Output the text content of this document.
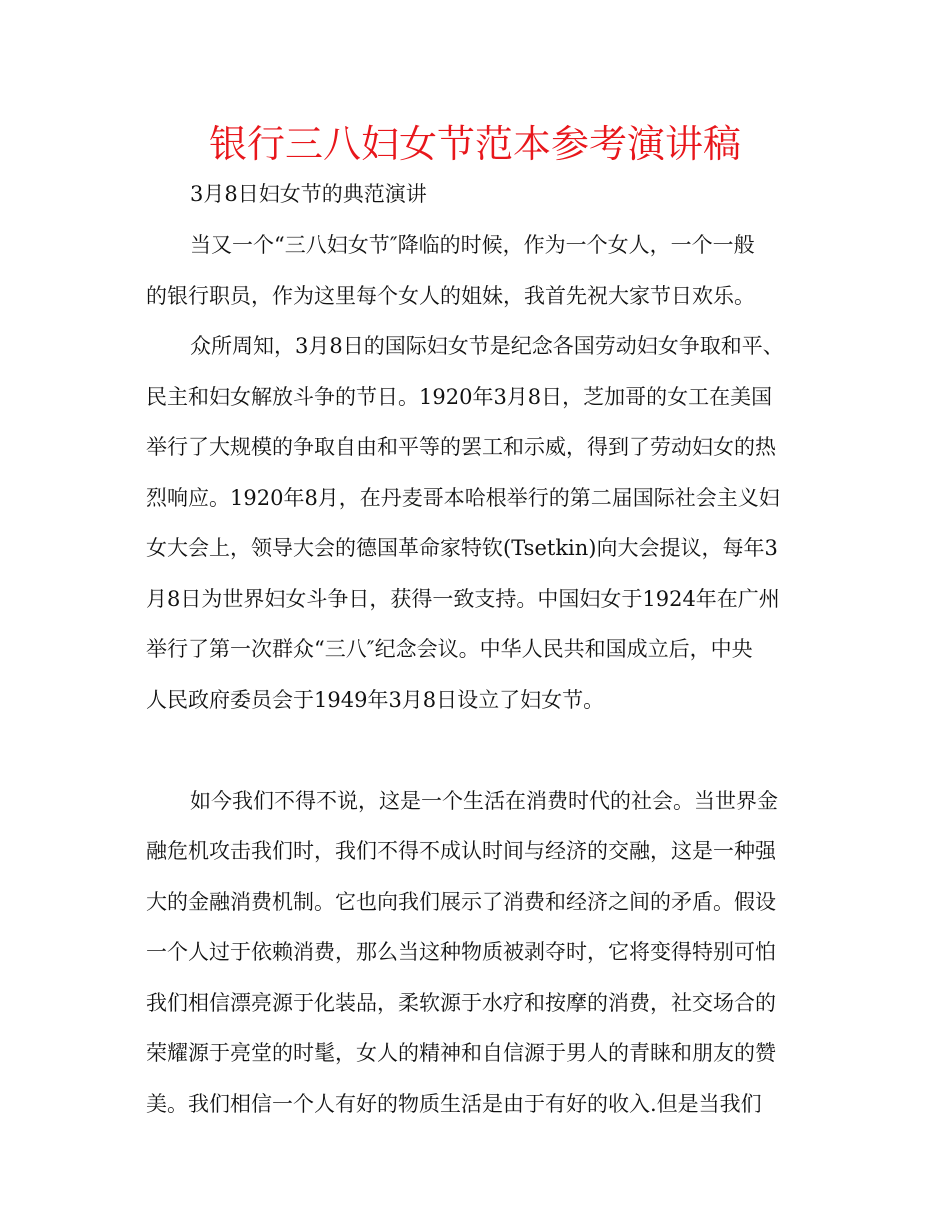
银行三八妇女节范本参考演讲稿

3月8日妇女节的典范演讲

当又一个“三八妇女节″降临的时候，作为一个女人，一个一般

的银行职员，作为这里每个女人的姐妹，我首先祝大家节日欢乐。

众所周知，3月8日的国际妇女节是纪念各国劳动妇女争取和平、

民主和妇女解放斗争的节日。1920年3月8日，芝加哥的女工在美国

举行了大规模的争取自由和平等的罢工和示威，得到了劳动妇女的热

烈响应。1920年8月，在丹麦哥本哈根举行的第二届国际社会主义妇

女大会上，领导大会的德国革命家特钦(Tsetkin)向大会提议，每年3

月8日为世界妇女斗争日，获得一致支持。中国妇女于1924年在广州

举行了第一次群众“三八″纪念会议。中华人民共和国成立后，中央

人民政府委员会于1949年3月8日设立了妇女节。

如今我们不得不说，这是一个生活在消费时代的社会。当世界金

融危机攻击我们时，我们不得不成认时间与经济的交融，这是一种强

大的金融消费机制。它也向我们展示了消费和经济之间的矛盾。假设

一个人过于依赖消费，那么当这种物质被剥夺时，它将变得特别可怕

我们相信漂亮源于化装品，柔软源于水疗和按摩的消费，社交场合的

荣耀源于亮堂的时髦，女人的精神和自信源于男人的青睐和朋友的赞

美。我们相信一个人有好的物质生活是由于有好的收入.但是当我们
